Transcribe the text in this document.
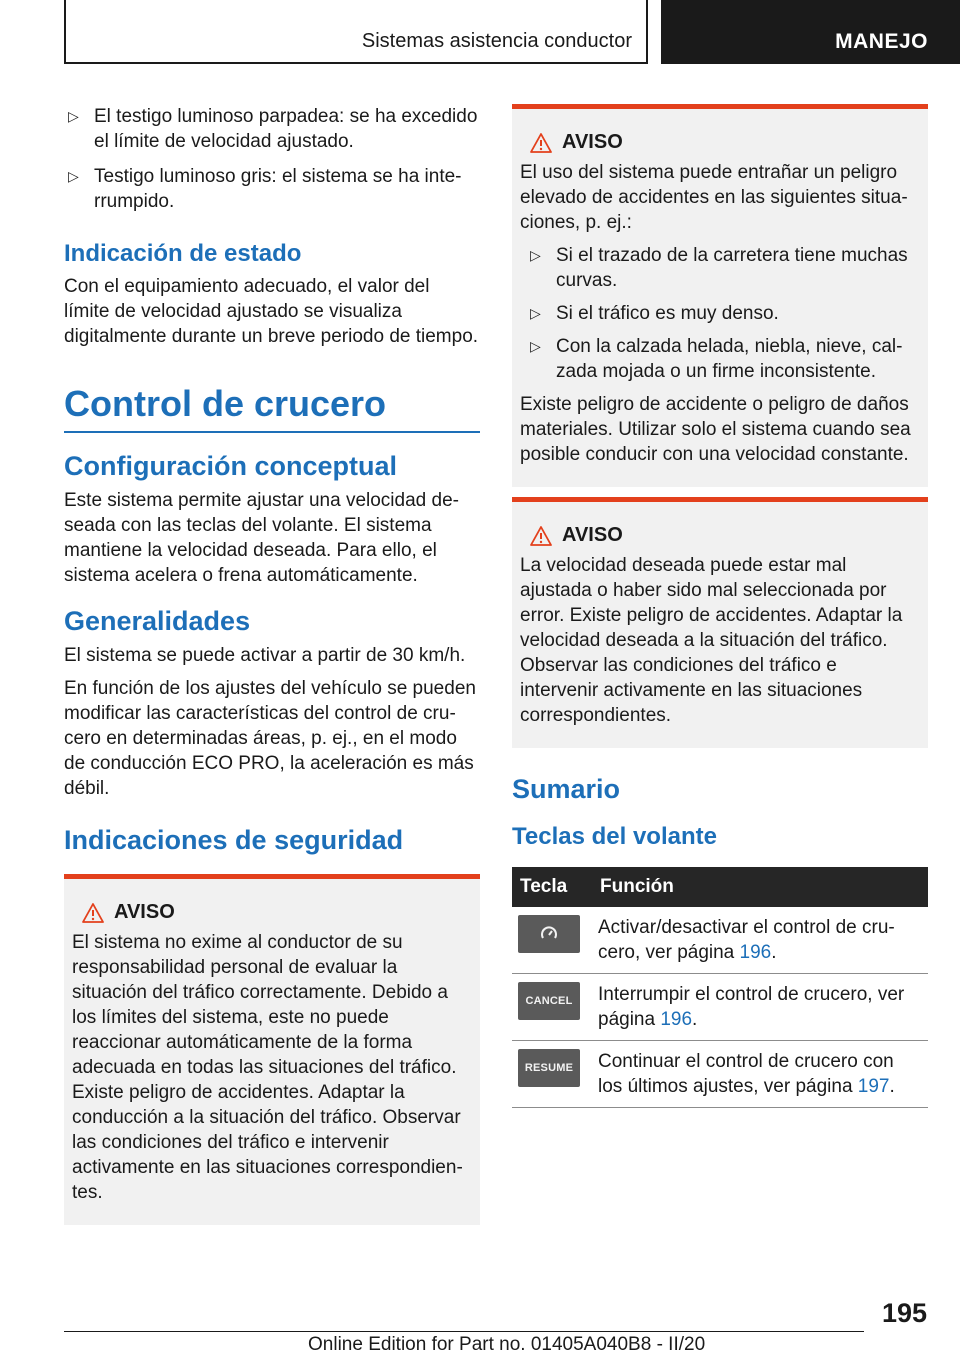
Sistemas asistencia conductor	MANEJO
▷ El testigo luminoso parpadea: se ha excedido el límite de velocidad ajustado.
▷ Testigo luminoso gris: el sistema se ha interrumpido.
Indicación de estado

Con el equipamiento adecuado, el valor del límite de velocidad ajustado se visualiza digitalmente durante un breve periodo de tiempo.

Control de crucero
Configuración conceptual

Este sistema permite ajustar una velocidad deseada con las teclas del volante. El sistema mantiene la velocidad deseada. Para ello, el sistema acelera o frena automáticamente.

Generalidades

El sistema se puede activar a partir de 30 km/h.

En función de los ajustes del vehículo se pueden modificar las características del control de crucero en determinadas áreas, p. ej., en el modo de conducción ECO PRO, la aceleración es más débil.

Indicaciones de seguridad
AVISO
El sistema no exime al conductor de su responsabilidad personal de evaluar la situación del tráfico correctamente. Debido a los límites del sistema, este no puede reaccionar automáticamente de la forma adecuada en todas las situaciones del tráfico. Existe peligro de accidentes. Adaptar la conducción a la situación del tráfico. Observar las condiciones del tráfico e intervenir activamente en las situaciones correspondientes.
AVISO
El uso del sistema puede entrañar un peligro elevado de accidentes en las siguientes situaciones, p. ej.:
▷ Si el trazado de la carretera tiene muchas curvas.
▷ Si el tráfico es muy denso.
▷ Con la calzada helada, niebla, nieve, calzada mojada o un firme inconsistente.
Existe peligro de accidente o peligro de daños materiales. Utilizar solo el sistema cuando sea posible conducir con una velocidad constante.
AVISO
La velocidad deseada puede estar mal ajustada o haber sido mal seleccionada por error. Existe peligro de accidentes. Adaptar la velocidad deseada a la situación del tráfico. Observar las condiciones del tráfico e intervenir activamente en las situaciones correspondientes.
Sumario
Teclas del volante
Tecla	Función

	Activar/desactivar el control de crucero, ver página 196.

CANCEL	Interrumpir el control de crucero, ver página 196.

RESUME	Continuar el control de crucero con los últimos ajustes, ver página 197.
195
Online Edition for Part no. 01405A040B8 - II/20
